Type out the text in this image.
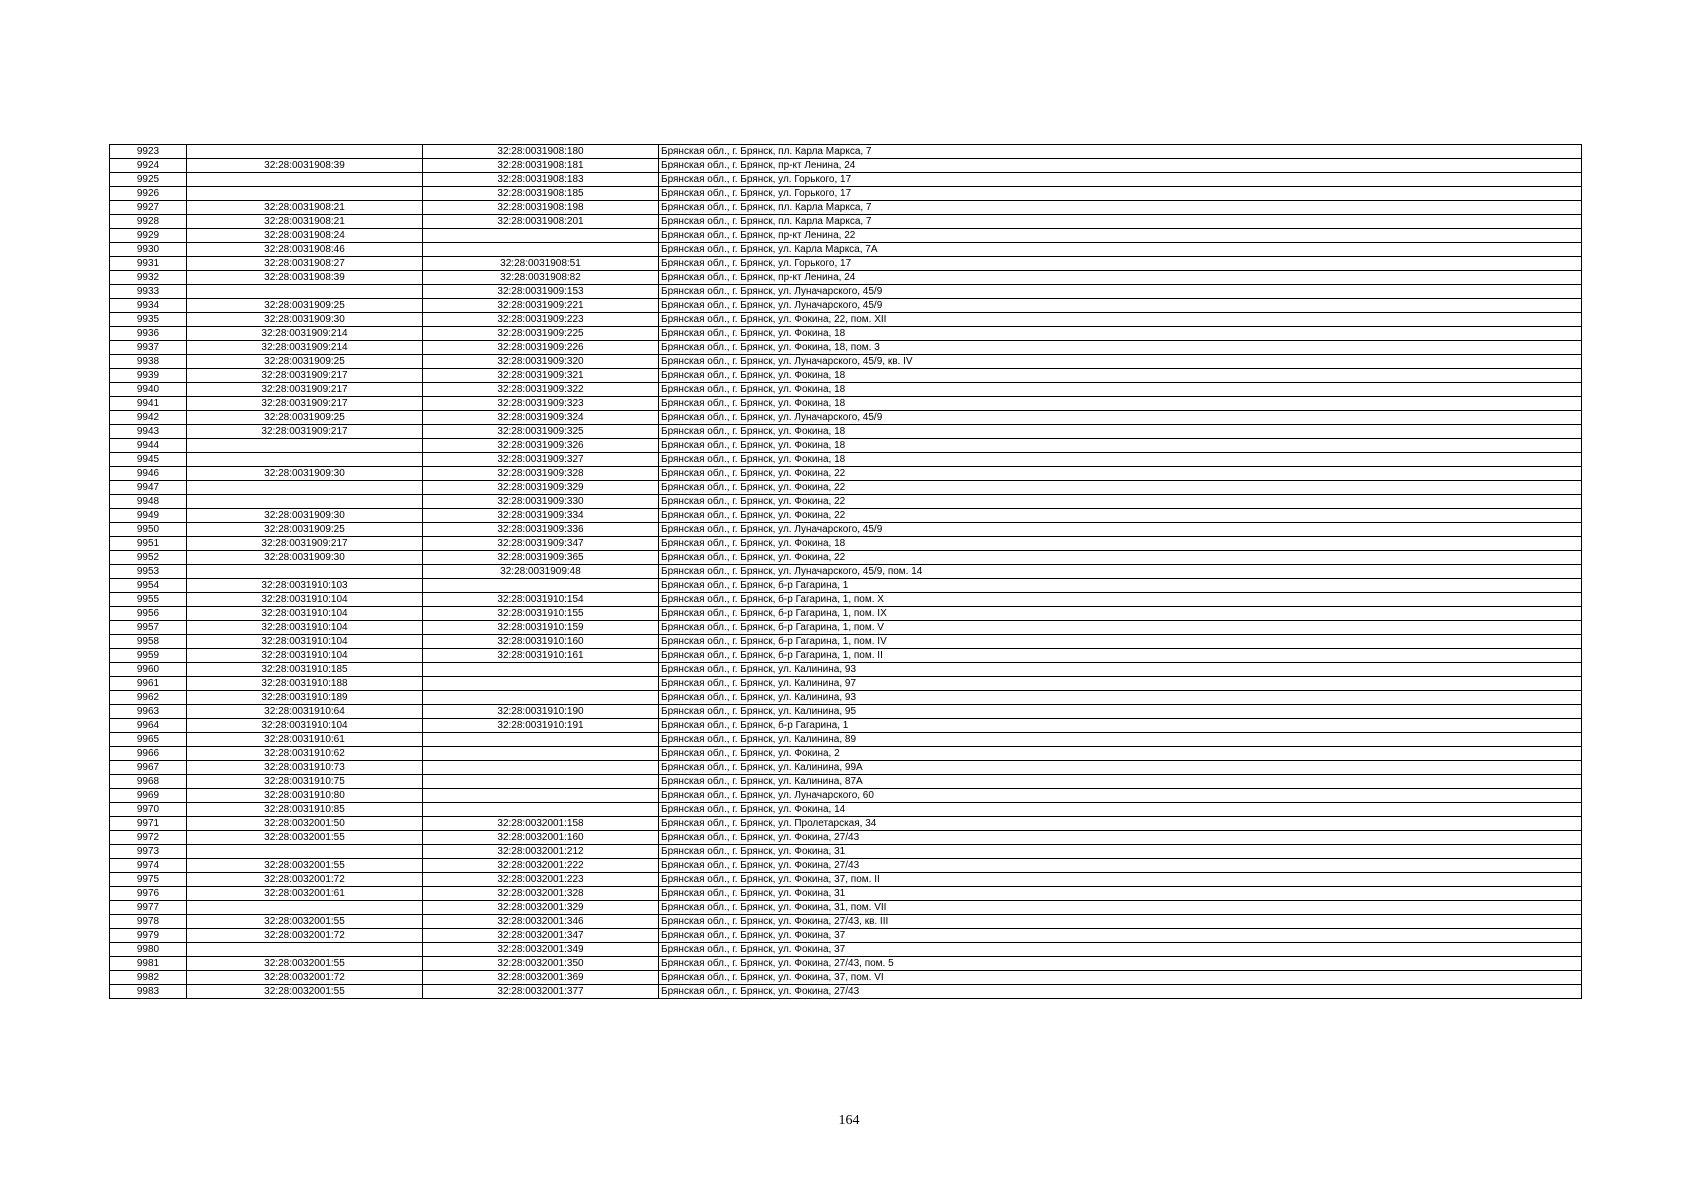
9923		32:28:0031908:180	Брянская обл., г. Брянск, пл. Карла Маркса, 7
9924	32:28:0031908:39	32:28:0031908:181	Брянская обл., г. Брянск, пр-кт Ленина, 24
9925		32:28:0031908:183	Брянская обл., г. Брянск, ул. Горького, 17
9926		32:28:0031908:185	Брянская обл., г. Брянск, ул. Горького, 17
9927	32:28:0031908:21	32:28:0031908:198	Брянская обл., г. Брянск, пл. Карла Маркса, 7
9928	32:28:0031908:21	32:28:0031908:201	Брянская обл., г. Брянск, пл. Карла Маркса, 7
9929	32:28:0031908:24		Брянская обл., г. Брянск, пр-кт Ленина, 22
9930	32:28:0031908:46		Брянская обл., г. Брянск, ул. Карла Маркса, 7А
9931	32:28:0031908:27	32:28:0031908:51	Брянская обл., г. Брянск, ул. Горького, 17
9932	32:28:0031908:39	32:28:0031908:82	Брянская обл., г. Брянск, пр-кт Ленина, 24
9933		32:28:0031909:153	Брянская обл., г. Брянск, ул. Луначарского, 45/9
9934	32:28:0031909:25	32:28:0031909:221	Брянская обл., г. Брянск, ул. Луначарского, 45/9
9935	32:28:0031909:30	32:28:0031909:223	Брянская обл., г. Брянск, ул. Фокина, 22, пом. XII
9936	32:28:0031909:214	32:28:0031909:225	Брянская обл., г. Брянск, ул. Фокина, 18
9937	32:28:0031909:214	32:28:0031909:226	Брянская обл., г. Брянск, ул. Фокина, 18, пом. 3
9938	32:28:0031909:25	32:28:0031909:320	Брянская обл., г. Брянск, ул. Луначарского, 45/9, кв. IV
9939	32:28:0031909:217	32:28:0031909:321	Брянская обл., г. Брянск, ул. Фокина, 18
9940	32:28:0031909:217	32:28:0031909:322	Брянская обл., г. Брянск, ул. Фокина, 18
9941	32:28:0031909:217	32:28:0031909:323	Брянская обл., г. Брянск, ул. Фокина, 18
9942	32:28:0031909:25	32:28:0031909:324	Брянская обл., г. Брянск, ул. Луначарского, 45/9
9943	32:28:0031909:217	32:28:0031909:325	Брянская обл., г. Брянск, ул. Фокина, 18
9944		32:28:0031909:326	Брянская обл., г. Брянск, ул. Фокина, 18
9945		32:28:0031909:327	Брянская обл., г. Брянск, ул. Фокина, 18
9946	32:28:0031909:30	32:28:0031909:328	Брянская обл., г. Брянск, ул. Фокина, 22
9947		32:28:0031909:329	Брянская обл., г. Брянск, ул. Фокина, 22
9948		32:28:0031909:330	Брянская обл., г. Брянск, ул. Фокина, 22
9949	32:28:0031909:30	32:28:0031909:334	Брянская обл., г. Брянск, ул. Фокина, 22
9950	32:28:0031909:25	32:28:0031909:336	Брянская обл., г. Брянск, ул. Луначарского, 45/9
9951	32:28:0031909:217	32:28:0031909:347	Брянская обл., г. Брянск, ул. Фокина, 18
9952	32:28:0031909:30	32:28:0031909:365	Брянская обл., г. Брянск, ул. Фокина, 22
9953		32:28:0031909:48	Брянская обл., г. Брянск, ул. Луначарского, 45/9, пом. 14
9954	32:28:0031910:103		Брянская обл., г. Брянск, б-р Гагарина, 1
9955	32:28:0031910:104	32:28:0031910:154	Брянская обл., г. Брянск, б-р Гагарина, 1, пом. X
9956	32:28:0031910:104	32:28:0031910:155	Брянская обл., г. Брянск, б-р Гагарина, 1, пом. IX
9957	32:28:0031910:104	32:28:0031910:159	Брянская обл., г. Брянск, б-р Гагарина, 1, пом. V
9958	32:28:0031910:104	32:28:0031910:160	Брянская обл., г. Брянск, б-р Гагарина, 1, пом. IV
9959	32:28:0031910:104	32:28:0031910:161	Брянская обл., г. Брянск, б-р Гагарина, 1, пом. II
9960	32:28:0031910:185		Брянская обл., г. Брянск, ул. Калинина, 93
9961	32:28:0031910:188		Брянская обл., г. Брянск, ул. Калинина, 97
9962	32:28:0031910:189		Брянская обл., г. Брянск, ул. Калинина, 93
9963	32:28:0031910:64	32:28:0031910:190	Брянская обл., г. Брянск, ул. Калинина, 95
9964	32:28:0031910:104	32:28:0031910:191	Брянская обл., г. Брянск, б-р Гагарина, 1
9965	32:28:0031910:61		Брянская обл., г. Брянск, ул. Калинина, 89
9966	32:28:0031910:62		Брянская обл., г. Брянск, ул. Фокина, 2
9967	32:28:0031910:73		Брянская обл., г. Брянск, ул. Калинина, 99А
9968	32:28:0031910:75		Брянская обл., г. Брянск, ул. Калинина, 87А
9969	32:28:0031910:80		Брянская обл., г. Брянск, ул. Луначарского, 60
9970	32:28:0031910:85		Брянская обл., г. Брянск, ул. Фокина, 14
9971	32:28:0032001:50	32:28:0032001:158	Брянская обл., г. Брянск, ул. Пролетарская, 34
9972	32:28:0032001:55	32:28:0032001:160	Брянская обл., г. Брянск, ул. Фокина, 27/43
9973		32:28:0032001:212	Брянская обл., г. Брянск, ул. Фокина, 31
9974	32:28:0032001:55	32:28:0032001:222	Брянская обл., г. Брянск, ул. Фокина, 27/43
9975	32:28:0032001:72	32:28:0032001:223	Брянская обл., г. Брянск, ул. Фокина, 37, пом. II
9976	32:28:0032001:61	32:28:0032001:328	Брянская обл., г. Брянск, ул. Фокина, 31
9977		32:28:0032001:329	Брянская обл., г. Брянск, ул. Фокина, 31, пом. VII
9978	32:28:0032001:55	32:28:0032001:346	Брянская обл., г. Брянск, ул. Фокина, 27/43, кв. III
9979	32:28:0032001:72	32:28:0032001:347	Брянская обл., г. Брянск, ул. Фокина, 37
9980		32:28:0032001:349	Брянская обл., г. Брянск, ул. Фокина, 37
9981	32:28:0032001:55	32:28:0032001:350	Брянская обл., г. Брянск, ул. Фокина, 27/43, пом. 5
9982	32:28:0032001:72	32:28:0032001:369	Брянская обл., г. Брянск, ул. Фокина, 37, пом. VI
9983	32:28:0032001:55	32:28:0032001:377	Брянская обл., г. Брянск, ул. Фокина, 27/43
164
